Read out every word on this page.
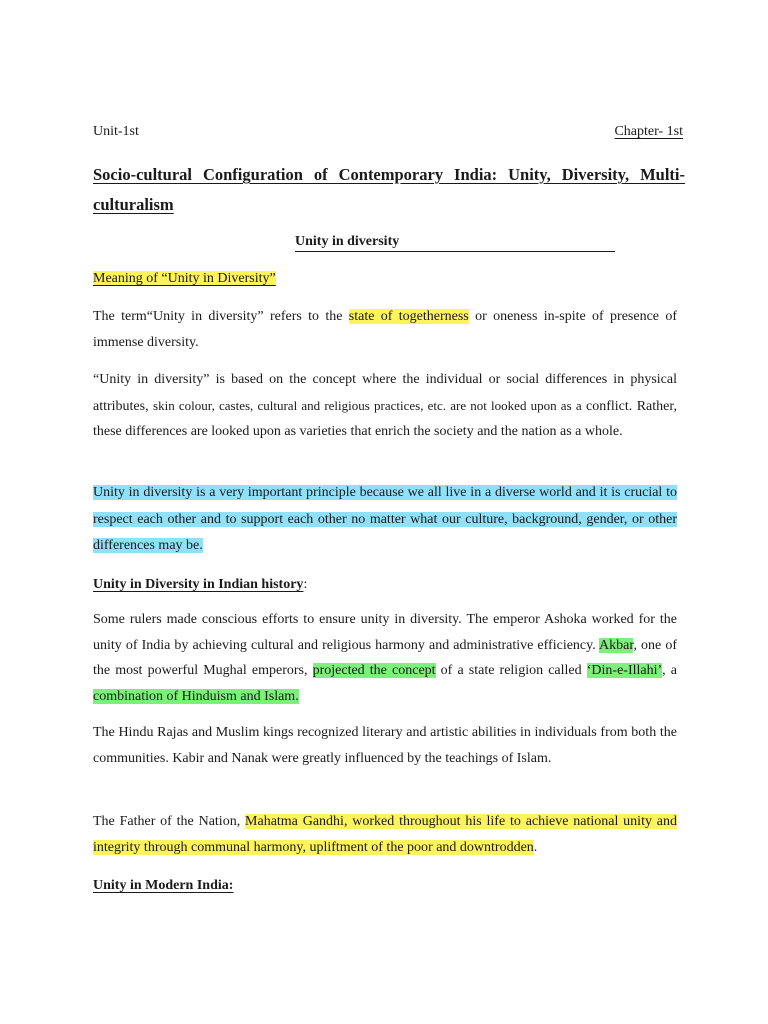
Unit-1st	Chapter- 1st
Socio-cultural Configuration of Contemporary India: Unity, Diversity, Multi-culturalism
Unity in diversity
Meaning of “Unity in Diversity”
The term“Unity in diversity” refers to the state of togetherness or oneness in-spite of presence of immense diversity.
“Unity in diversity” is based on the concept where the individual or social differences in physical attributes, skin colour, castes, cultural and religious practices, etc. are not looked upon as a conflict. Rather, these differences are looked upon as varieties that enrich the society and the nation as a whole.
Unity in diversity is a very important principle because we all live in a diverse world and it is crucial to respect each other and to support each other no matter what our culture, background, gender, or other differences may be.
Unity in Diversity in Indian history:
Some rulers made conscious efforts to ensure unity in diversity. The emperor Ashoka worked for the unity of India by achieving cultural and religious harmony and administrative efficiency. Akbar, one of the most powerful Mughal emperors, projected the concept of a state religion called ‘Din-e-Illahi’, a combination of Hinduism and Islam.
The Hindu Rajas and Muslim kings recognized literary and artistic abilities in individuals from both the communities. Kabir and Nanak were greatly influenced by the teachings of Islam.
The Father of the Nation, Mahatma Gandhi, worked throughout his life to achieve national unity and integrity through communal harmony, upliftment of the poor and downtrodden.
Unity in Modern India:
